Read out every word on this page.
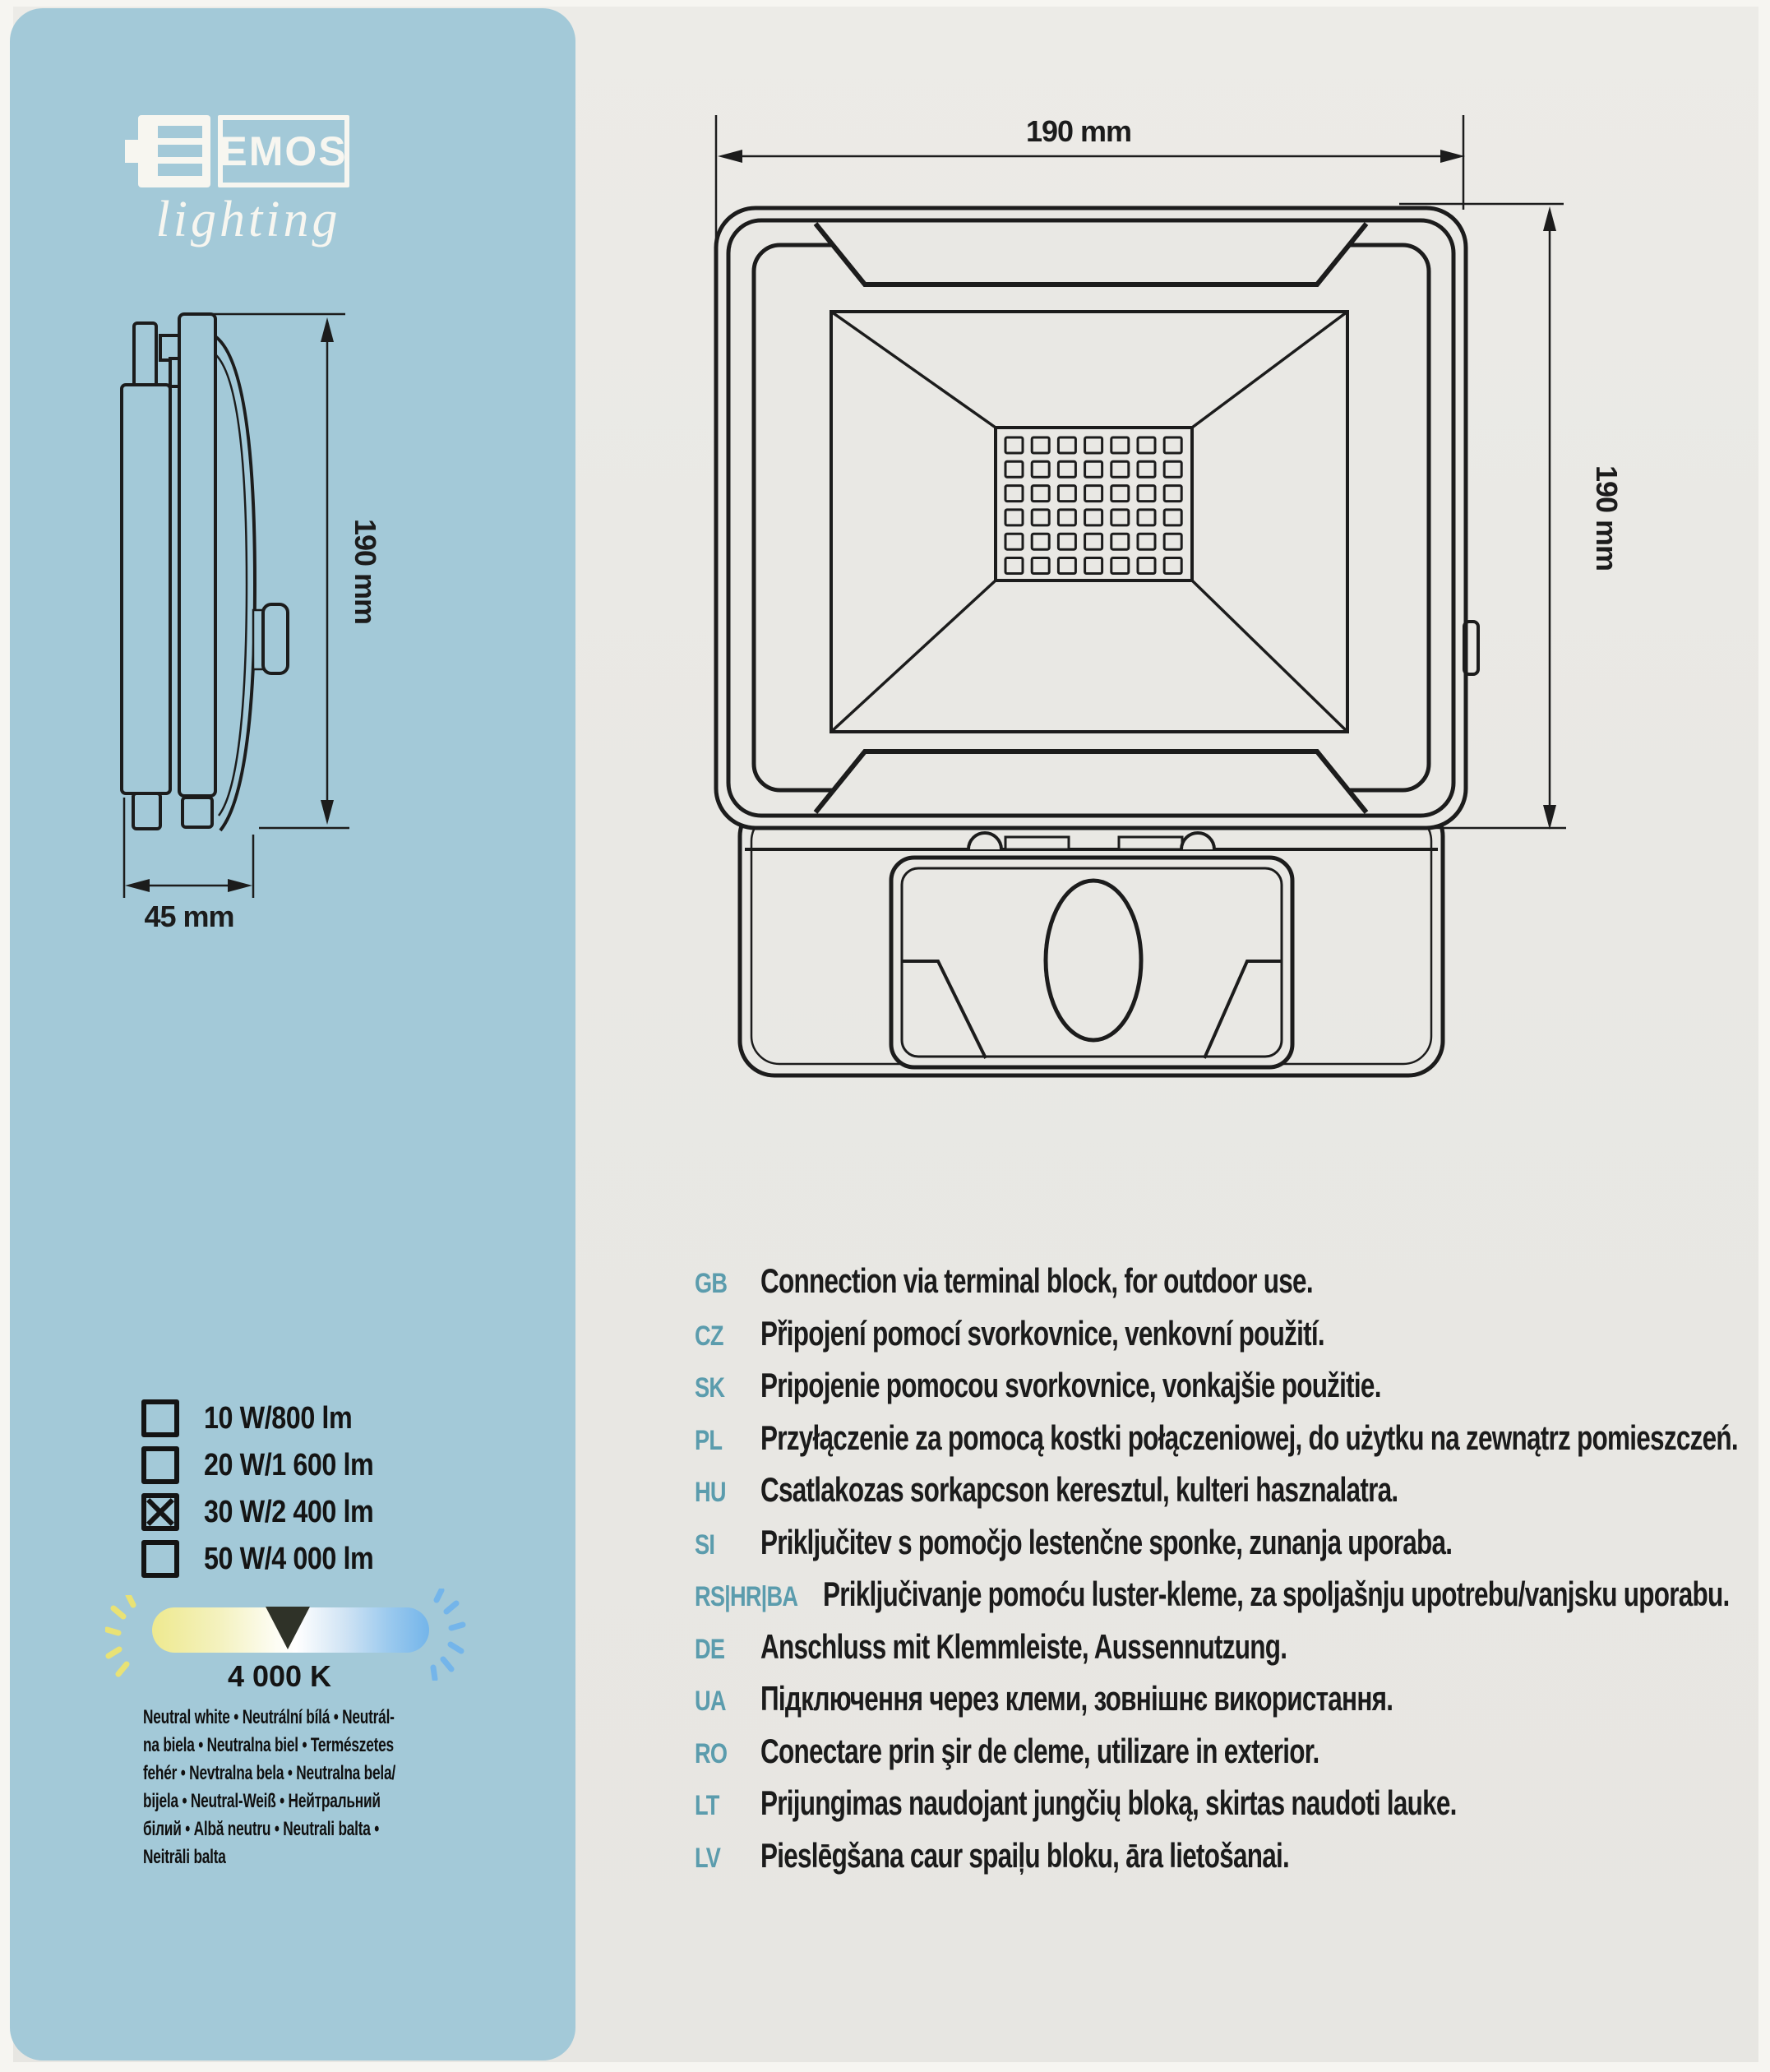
EMOS
lighting
190 mm
45 mm
10 W/800 lm
20 W/1 600 lm
30 W/2 400 lm
50 W/4 000 lm
4 000 K
Neutral white • Neutrální bílá • Neutrál-
na biela • Neutralna biel • Természetes
fehér • Nevtralna bela • Neutralna bela/
bijela • Neutral-Weiß • Нейтральний
білий • Albă neutru • Neutrali balta •
Neitrāli balta
190 mm
190 mm
GB Connection via terminal block, for outdoor use.
CZ	Připojení pomocí svorkovnice, venkovní použití.
SK	Pripojenie pomocou svorkovnice, vonkajšie použitie.
PL	Przyłączenie za pomocą kostki połączeniowej, do użytku na zewnątrz pomieszczeń.
HU	Csatlakozas sorkapcson keresztul, kulteri hasznalatra.
SI	Priključitev s pomočjo lestenčne sponke, zunanja uporaba.
RS|HR|BA Priključivanje pomoću luster-kleme, za spoljašnju upotrebu/vanjsku uporabu.
DE	Anschluss mit Klemmleiste, Aussennutzung.
UA	Підключення через клеми, зовнішнє використання.
RO Conectare prin şir de cleme, utilizare in exterior.
LT	Prijungimas naudojant jungčių bloką, skirtas naudoti lauke.
LV	Pieslēgšana caur spaiļu bloku, āra lietošanai.
